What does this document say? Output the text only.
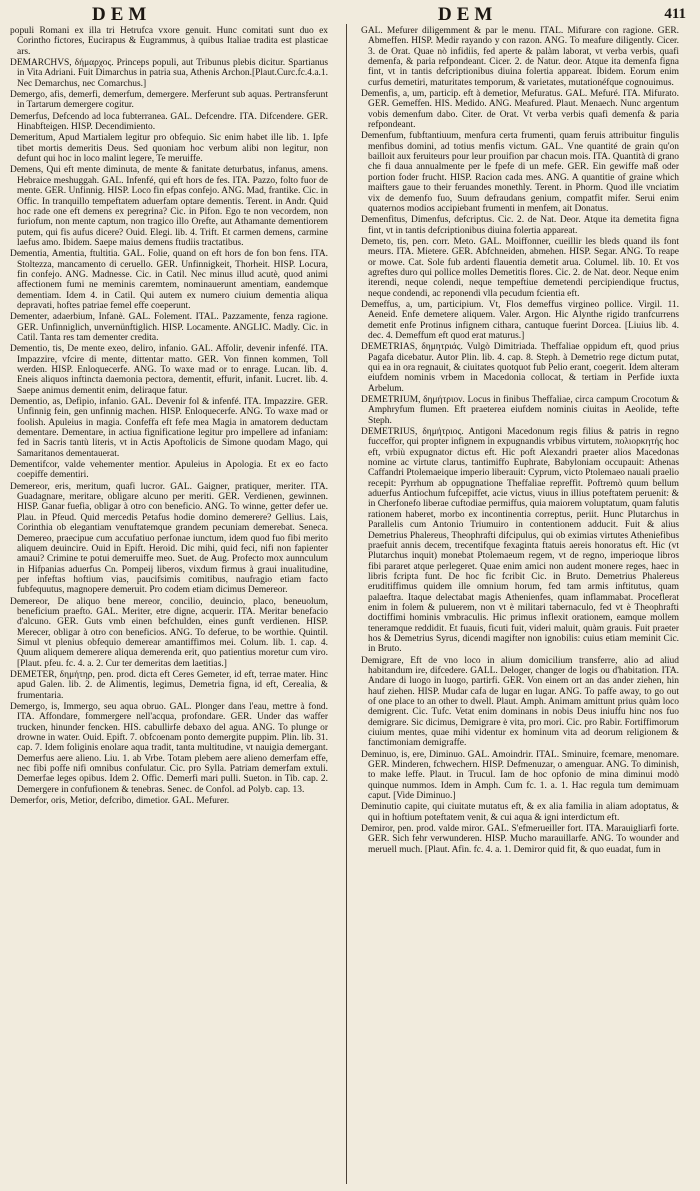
DEM	DEM	411

populi Romani ex illa tri Hetrufca vxore genuit. Hunc comitati sunt duo ex Corintho fictores, Eucirapus & Eugrammus, à quibus Italiae tradita est plasticae ars.

DEMARCHVS, δήμαρχος. Princeps populi, aut Tribunus plebis dicitur. Spartianus in Vita Adriani. Fuit Dimarchus in patria sua, Athenis Archon.[Plaut.Curc.fc.4.a.1. Nec Demarchus, nec Comarchus.]

Demergo, afis, demerfi, demerfum, demergere. Merferunt sub aquas. Pertransferunt in Tartarum demergere cogitur.

Demerfus, Defcendo ad loca fubterranea. GAL. Defcendre. ITA. Difcendere. GER. Hinabfteigen. HISP. Decendimiento.

Demeritum, Apud Martialem legitur pro obfequio. Sic enim habet ille lib. 1. Ipfe tibet mortis demeritis Deus. Sed quoniam hoc verbum alibi non legitur, non defunt qui hoc in loco malint legere, Te meruiffe.

Demens, Qui eft mente diminuta, de mente & fanitate deturbatus, infanus, amens. Hebraice meshuggah. GAL. Infenfé, qui eft hors de fes. ITA. Pazzo, folto fuor de mente. GER. Unfinnig. HISP. Loco fin efpas confejo. ANG. Mad, frantike. Cic. in Offic. In tranquillo tempeftatem aduerfam optare dementis. Terent. in Andr. Quid hoc rade one eft demens ex peregrina? Cic. in Pifon. Ego te non vecordem, non furiofum, non mente captum, non tragico illo Orefte, aut Athamante dementiorem putem, qui fis aufus dicere? Ouid. Elegi. lib. 4. Trift. Et carmen demens, carmine laefus amo. Ibidem. Saepe maius demens ftudiis tractatibus.

Dementia, Amentia, ftultitia. GAL. Folie, quand on eft hors de fon bon fens. ITA. Stoltezza, mancamento di ceruello. GER. Unfinnigkeit, Thorheit. HISP. Locura, fin confejo. ANG. Madnesse. Cic. in Catil. Nec minus illud acutè, quod animi affectionem fumi ne meminis caremtem, nominauerunt amentiam, eandemque dementiam. Idem 4. in Catil. Qui autem ex numero ciuium dementia aliqua depravati, hoftes patriae femel effe coeperunt.

Dementer, adaerbium, Infanè. GAL. Folement. ITAL. Pazzamente, fenza ragione. GER. Unfinniglich, unvernünftiglich. HISP. Locamente. ANGLIC. Madly. Cic. in Catil. Tanta res tam dementer credita.

Dementio, tis, De mente exeo, deliro, infanio. GAL. Affolir, devenir infenfé. ITA. Impazzire, vfcire di mente, dittentar matto. GER. Von finnen kommen, Toll werden. HISP. Enloquecerfe. ANG. To waxe mad or to enrage. Lucan. lib. 4. Eneis aliquos inftincta daemonia pectora, dementit, effurit, infanit. Lucret. lib. 4. Saepe animus dementit enim, deliraque fatur.

Dementio, as, Defipio, infanio. GAL. Devenir fol & infenfé. ITA. Impazzire. GER. Unfinnig fein, gen unfinnig machen. HISP. Enloquecerfe. ANG. To waxe mad or foolish. Apuleius in magia. Confeffa eft fefe mea Magia in amatorem deductam dementare. Dementare, in actiua fignificatione legitur pro impellere ad infaniam: fed in Sacris tantù literis, vt in Actis Apoftolicis de Simone quodam Mago, qui Samaritanos dementauerat.

Dementifcor, valde vehementer mentior. Apuleius in Apologia. Et ex eo facto coepiffe dementiri.

Demereor, eris, meritum, quafi lucror. GAL. Gaigner, pratiquer, meriter. ITA. Guadagnare, meritare, obligare alcuno per meriti. GER. Verdienen, gewinnen. HISP. Ganar fuefia, obligar à otro con beneficio. ANG. To winne, getter defer ue. Plau. in Pfeud. Quid mercedis Petafus hodie domino demerere? Gellius. Lais, Corinthia ob elegantiam venuftatemque grandem pecuniam demerebat. Seneca. Demereo, praecipue cum accufatiuo perfonae iunctum, idem quod fuo fibi merito aliquem deuincire. Ouid in Epift. Heroid. Dic mihi, quid feci, nifi non fapienter amaui? Crimine te potui demeruiffe meo. Suet. de Aug. Profecto mox aunnculum in Hifpanias aduerfus Cn. Pompeij liberos, vixdum firmus à graui inualitudine, per infeftas hoftium vias, paucifsimis comitibus, naufragio etiam facto fubfequutus, magnopere demeruit. Pro codem etiam dicimus Demereor.

Demereor, De aliquo bene mereor, concilio, deuincio, placo, beneuolum, beneficium praefto. GAL. Meriter, etre digne, acquerir. ITA. Meritar benefacio d'alcuno. GER. Guts vmb einen befchulden, eines gunft verdienen. HISP. Merecer, obligar à otro con beneficios. ANG. To deferue, to be worthie. Quintil. Simul vt plenius obfequio demerear amantiffimos mei. Colum. lib. 1. cap. 4. Quum aliquem demerere aliqua demerenda erit, quo patientius moretur cum viro. [Plaut. pfeu. fc. 4. a. 2. Cur ter demeritas dem laetitias.]

DEMETER, δημήτηρ, pen. prod. dicta eft Ceres Gemeter, id eft, terrae mater. Hinc apud Galen. lib. 2. de Alimentis, legimus, Demetria figna, id eft, Cerealia, & frumentaria.

Demergo, is, Immergo, seu aqua obruo. GAL. Plonger dans l'eau, mettre à fond. ITA. Affondare, fommergere nell'acqua, profondare. GER. Under das waffer trucken, hinunder fencken. HIS. cabullirfe debaxo del agua. ANG. To plunge or drowne in water. Ouid. Epift. 7. obfcoenam ponto demergite puppim. Plin. lib. 31. cap. 7. Idem foliginis enolare aqua tradit, tanta multitudine, vt nauigia demergant. Demerfus aere alieno. Liu. 1. ab Vrbe. Totam plebem aere alieno demerfam effe, nec fibi poffe nifi omnibus confulatur. Cic. pro Sylla. Patriam demerfam extuli. Demerfae leges opibus. Idem 2. Offic. Demerfi mari pulli. Sueton. in Tib. cap. 2. Demergere in confufionem & tenebras. Senec. de Confol. ad Polyb. cap. 13.

Demerfor, oris, Metior, defcribo, dimetior. GAL. Mefurer.

GAL. Mefurer diligemment & par le menu. ITAL. Mifurare con ragione. GER. Abmeffen. HISP. Medir rayando y con razon. ANG. To meafure diligently. Cicer. 3. de Orat. Quae nò infidiis, fed aperte & palàm laborat, vt verba verbis, quafi demenfa, & paria refpondeant. Cicer. 2. de Natur. deor. Atque ita demenfa figna fint, vt in tantis defcriptionibus diuina folertia appareat. Ibidem. Eorum enim curfus demetiri, maturitates temporum, & varietates, mutationéfque cognouimus.

Demenfis, a, um, particip. eft à demetior, Mefuratus. GAL. Mefuré. ITA. Mifurato. GER. Gemeffen. HIS. Medido. ANG. Meafured. Plaut. Menaech. Nunc argentum vobis demenfum dabo. Citer. de Orat. Vt verba verbis quafi demenfa & paria refpondeant.

Demenfum, fubftantiuum, menfura certa frumenti, quam feruis attribuitur fingulis menfibus domini, ad totius menfis victum. GAL. Vne quantité de grain qu'on bailloit aux feruiteurs pour leur prouifion par chacun mois. ITA. Quantità di grano che fi daua annualmente per le fpefe di un mefe. GER. Ein gewiffe maß oder portion foder frucht. HISP. Racion cada mes. ANG. A quantitie of graine which maifters gaue to their feruandes monethly. Terent. in Phorm. Quod ille vnciatim vix de demenfo fuo, Suum defraudans genium, compatfit mifer. Serui enim quaternos modios accipiebant frumenti in menfem, ait Donatus.

Demenfitus, Dimenfus, defcriptus. Cic. 2. de Nat. Deor. Atque ita demetita figna fint, vt in tantis defcriptionibus diuina folertia appareat.

Demeto, tis, pen. corr. Meto. GAL. Moiffonner, cueillir les bleds quand ils font meurs. ITA. Mietere. GER. Abfchneiden, abmehen. HISP. Segar. ANG. To reape or mowe. Cat. Sole fub ardenti flauentia demetit arua. Columel. lib. 10. Et vos agreftes duro qui pollice molles Demetitis flores. Cic. 2. de Nat. deor. Neque enim iterendi, neque colendi, neque tempeftiue demetendi percipiendique fructus, neque condendi, ac reponendi vlla pecudum fcientia eft.

Demeffus, a, um, participium. Vt, Flos demeffus virgineo pollice. Virgil. 11. Aeneid. Enfe demetere aliquem. Valer. Argon. Hic Alynthe rigido tranfcurrens demetit enfe Protinus infignem cithara, cantuque fuerint Dorcea. [Liuius lib. 4. dec. 4. Demeffum eft quod erat maturus.]

DEMETRIAS, δημητριάς. Vulgò Dimitriada. Theffaliae oppidum eft, quod prius Pagafa dicebatur. Autor Plin. lib. 4. cap. 8. Steph. à Demetrio rege dictum putat, qui ea in ora regnauit, & ciuitates quotquot fub Pelio erant, coegerit. Idem alteram eiufdem nominis vrbem in Macedonia collocat, & tertiam in Perfide iuxta Arbelum.

DEMETRIUM, δημήτριον. Locus in finibus Theffaliae, circa campum Crocotum & Amphryfum flumen. Eft praeterea eiufdem nominis ciuitas in Aeolide, tefte Steph.

DEMETRIUS, δημήτριος. Antigoni Macedonum regis filius & patris in regno fucceffor, qui propter infignem in expugnandis vrbibus virtutem, πολιορκητής hoc eft, vrbiù expugnator dictus eft. Hic poft Alexandri praeter alios Macedonas nomine ac virtute clarus, tantimiffo Euphrate, Babyloniam occupauit: Athenas Caffandri Ptolemaeique imperio liberauit: Cyprum, victo Ptolemaeo nauali praelio recepit: Pyrrhum ab oppugnatione Theffaliae repreffit. Poftremò quum bellum aduerfus Antiochum fufcepiffet, acie victus, viuus in illius poteftatem peruenit: & in Cherfonefo liberae cuftodiae permiffus, quia maiorem voluptatum, quam falutis rationem haberet, morbo ex incontinentia correptus, periit. Hunc Plutarchus in Parallelis cum Antonio Triumuiro in contentionem adducit. Fuit & alius Demetrius Phalereus, Theophrafti difcipulus, qui ob eximias virtutes Atheniefibus praefuit annis decem, trecentifque fexaginta ftatuis aereis honoratus eft. Hic (vt Plutarchus inquit) monebat Ptolemaeum regem, vt de regno, imperioque libros fibi pararet atque perlegeret. Quae enim amici non audent monere reges, haec in libris fcripta funt. De hoc fic fcribit Cic. in Bruto. Demetrius Phalereus eruditiffimus quidem ille omnium horum, fed tam armis inftitutus, quam palaeftra. Itaque delectabat magis Athenienfes, quam inflammabat. Proceflerat enim in folem & puluerem, non vt è militari tabernaculo, fed vt è Theophrafti doctiffimi hominis vmbraculis. Hic primus inflexit orationem, eamque mollem teneramque reddidit. Et fuauis, ficuti fuit, videri maluit, quàm grauis. Fuit praeter hos & Demetrius Syrus, dicendi magifter non ignobilis: cuius etiam meminit Cic. in Bruto.

Demigrare, Eft de vno loco in alium domicilium transferre, alio ad aliud habitandum ire, difcedere. GALL. Deloger, changer de logis ou d'habitation. ITA. Andare di luogo in luogo, partirfi. GER. Von einem ort an das ander ziehen, hin hauf ziehen. HISP. Mudar cafa de lugar en lugar. ANG. To paffe away, to go out of one place to an other to dwell. Plaut. Amph. Animam amittunt prius quàm loco demigrent. Cic. Tufc. Vetat enim dominans in nobis Deus iniuffu hinc nos fuo demigrare. Sic dicimus, Demigrare è vita, pro mori. Cic. pro Rabir. Fortiffimorum ciuium mentes, quae mihi videntur ex hominum vita ad deorum religionem & fanctimoniam demigraffe.

Deminuo, is, ere, Diminuo. GAL. Amoindrir. ITAL. Sminuire, fcemare, menomare. GER. Minderen, fchwechern. HISP. Defmenuzar, o amenguar. ANG. To diminish, to make leffe. Plaut. in Trucul. Iam de hoc opfonio de mina diminui modò quinque nummos. Idem in Amph. Cum fc. 1. a. 1. Hac regula tum demimuam caput. [Vide Diminuo.]

Deminutio capite, qui ciuitate mutatus eft, & ex alia familia in aliam adoptatus, & qui in hoftium poteftatem venit, & cui aqua & igni interdictum eft.

Demiror, pen. prod. valde miror. GAL. S'efmerueiller fort. ITA. Marauigliarfi forte. GER. Sich fehr verwunderen. HISP. Mucho marauillarfe. ANG. To wounder and meruell much. [Plaut. Afin. fc. 4. a. 1. Demiror quid fit, & quo euadat, fum in
